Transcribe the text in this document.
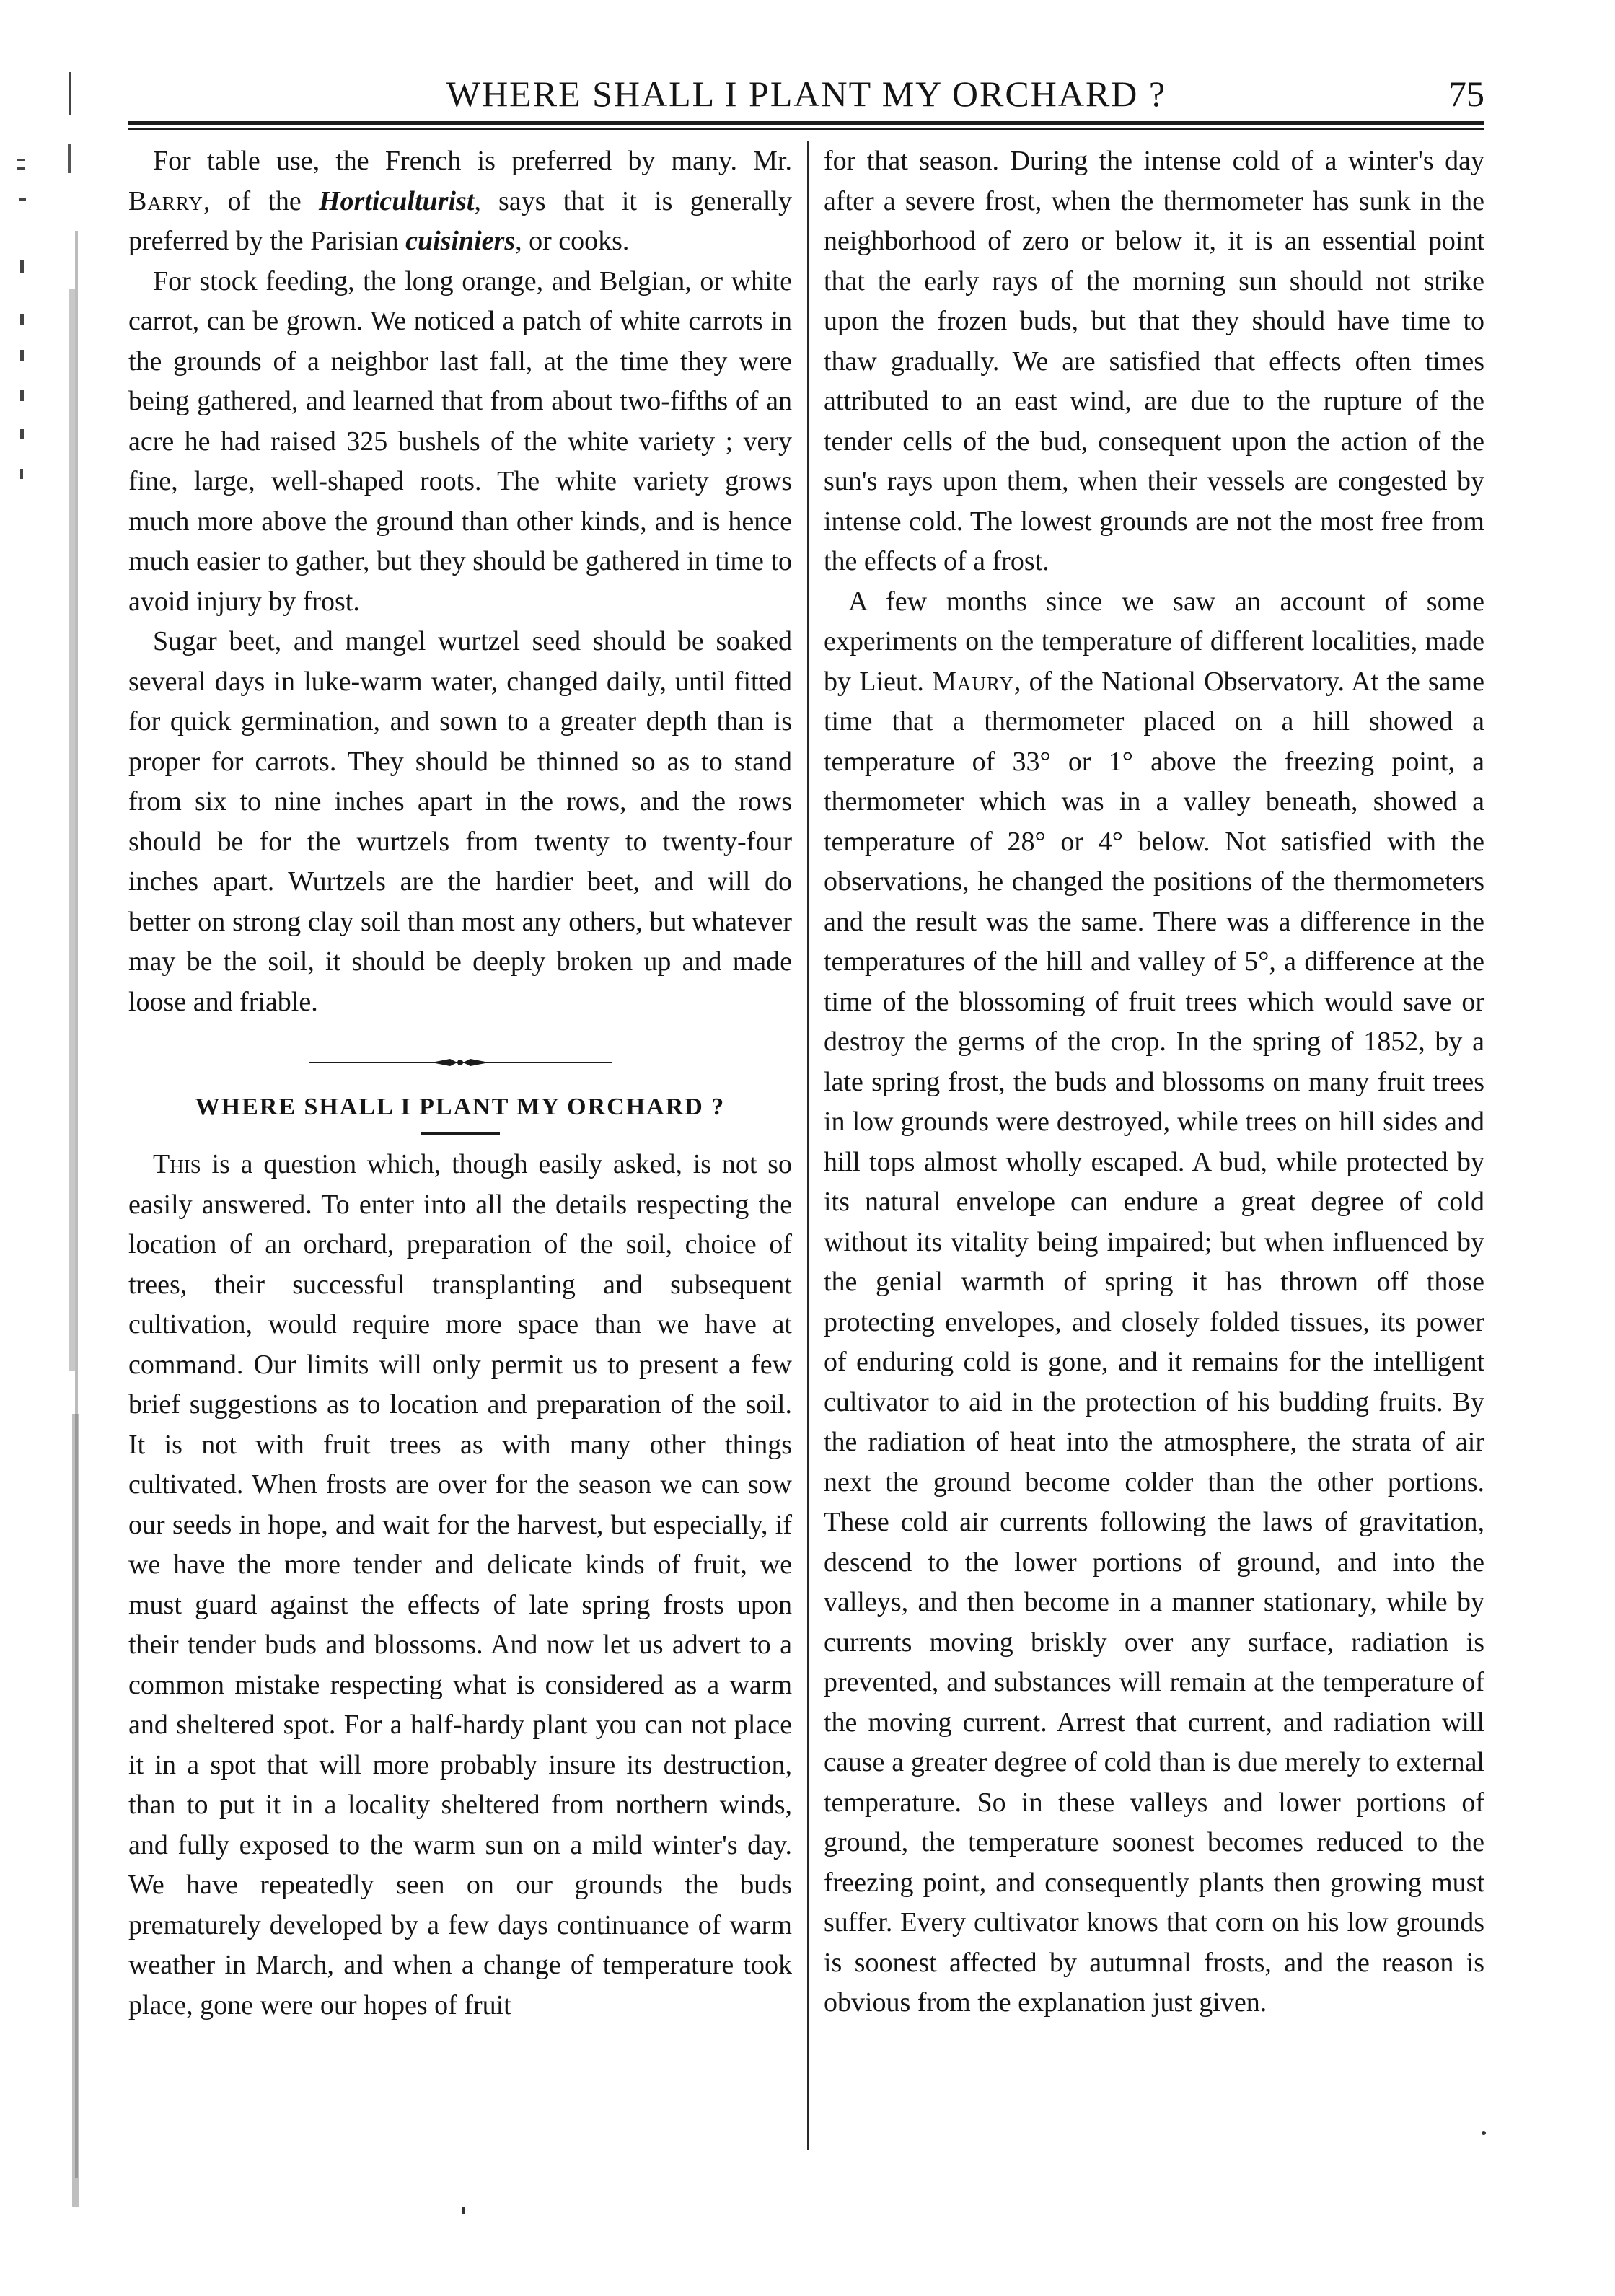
WHERE SHALL I PLANT MY ORCHARD ?	75

For table use, the French is preferred by many. Mr. Barry, of the Horticulturist, says that it is generally preferred by the Parisian cuisiniers, or cooks.

For stock feeding, the long orange, and Belgian, or white carrot, can be grown. We noticed a patch of white carrots in the grounds of a neighbor last fall, at the time they were being gathered, and learned that from about two-fifths of an acre he had raised 325 bushels of the white variety ; very fine, large, well-shaped roots. The white variety grows much more above the ground than other kinds, and is hence much easier to gather, but they should be gathered in time to avoid injury by frost.

Sugar beet, and mangel wurtzel seed should be soaked several days in luke-warm water, changed daily, until fitted for quick germination, and sown to a greater depth than is proper for carrots. They should be thinned so as to stand from six to nine inches apart in the rows, and the rows should be for the wurtzels from twenty to twenty-four inches apart. Wurtzels are the hardier beet, and will do better on strong clay soil than most any others, but whatever may be the soil, it should be deeply broken up and made loose and friable.

WHERE SHALL I PLANT MY ORCHARD ?

This is a question which, though easily asked, is not so easily answered. To enter into all the details respecting the location of an orchard, preparation of the soil, choice of trees, their successful transplanting and subsequent cultivation, would require more space than we have at command. Our limits will only permit us to present a few brief suggestions as to location and preparation of the soil. It is not with fruit trees as with many other things cultivated. When frosts are over for the season we can sow our seeds in hope, and wait for the harvest, but especially, if we have the more tender and delicate kinds of fruit, we must guard against the effects of late spring frosts upon their tender buds and blossoms. And now let us advert to a common mistake respecting what is considered as a warm and sheltered spot. For a half-hardy plant you can not place it in a spot that will more probably insure its destruction, than to put it in a locality sheltered from northern winds, and fully exposed to the warm sun on a mild winter's day. We have repeatedly seen on our grounds the buds prematurely developed by a few days continuance of warm weather in March, and when a change of temperature took place, gone were our hopes of fruit

for that season. During the intense cold of a winter's day after a severe frost, when the thermometer has sunk in the neighborhood of zero or below it, it is an essential point that the early rays of the morning sun should not strike upon the frozen buds, but that they should have time to thaw gradually. We are satisfied that effects often times attributed to an east wind, are due to the rupture of the tender cells of the bud, consequent upon the action of the sun's rays upon them, when their vessels are congested by intense cold. The lowest grounds are not the most free from the effects of a frost.

A few months since we saw an account of some experiments on the temperature of different localities, made by Lieut. Maury, of the National Observatory. At the same time that a thermometer placed on a hill showed a temperature of 33° or 1° above the freezing point, a thermometer which was in a valley beneath, showed a temperature of 28° or 4° below. Not satisfied with the observations, he changed the positions of the thermometers and the result was the same. There was a difference in the temperatures of the hill and valley of 5°, a difference at the time of the blossoming of fruit trees which would save or destroy the germs of the crop. In the spring of 1852, by a late spring frost, the buds and blossoms on many fruit trees in low grounds were destroyed, while trees on hill sides and hill tops almost wholly escaped. A bud, while protected by its natural envelope can endure a great degree of cold without its vitality being impaired; but when influenced by the genial warmth of spring it has thrown off those protecting envelopes, and closely folded tissues, its power of enduring cold is gone, and it remains for the intelligent cultivator to aid in the protection of his budding fruits. By the radiation of heat into the atmosphere, the strata of air next the ground become colder than the other portions. These cold air currents following the laws of gravitation, descend to the lower portions of ground, and into the valleys, and then become in a manner stationary, while by currents moving briskly over any surface, radiation is prevented, and substances will remain at the temperature of the moving current. Arrest that current, and radiation will cause a greater degree of cold than is due merely to external temperature. So in these valleys and lower portions of ground, the temperature soonest becomes reduced to the freezing point, and consequently plants then growing must suffer. Every cultivator knows that corn on his low grounds is soonest affected by autumnal frosts, and the reason is obvious from the explanation just given.
